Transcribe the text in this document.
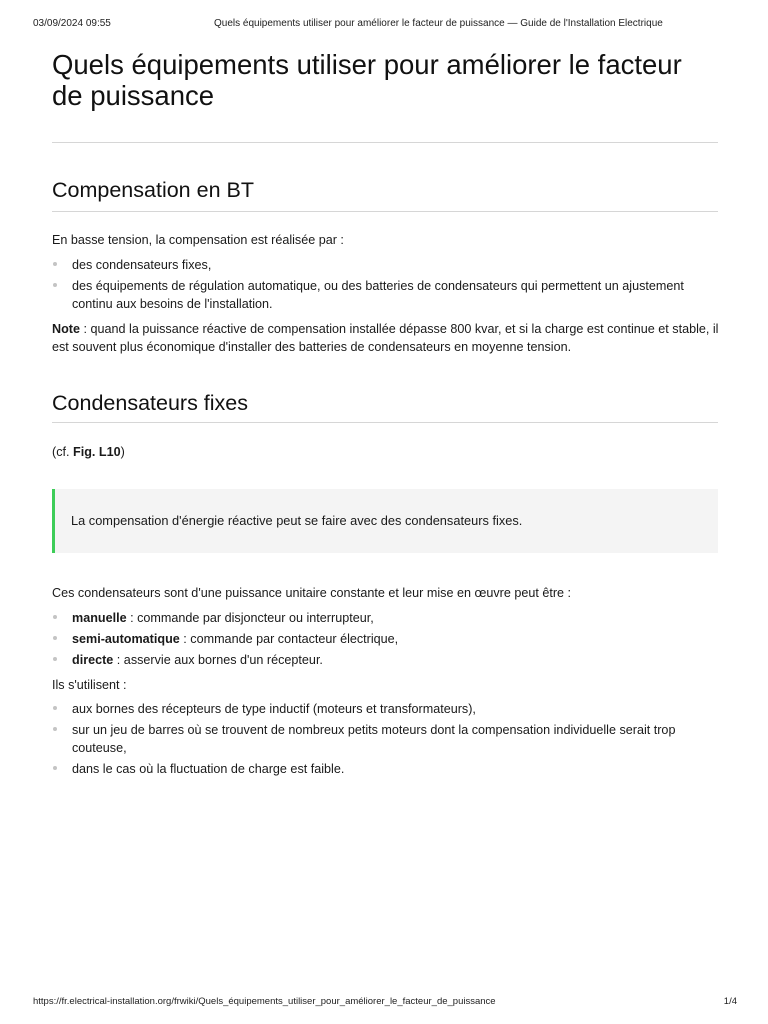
03/09/2024 09:55	Quels équipements utiliser pour améliorer le facteur de puissance — Guide de l'Installation Electrique
Quels équipements utiliser pour améliorer le facteur de puissance
Compensation en BT

En basse tension, la compensation est réalisée par :

des condensateurs fixes,
des équipements de régulation automatique, ou des batteries de condensateurs qui permettent un ajustement continu aux besoins de l'installation.

Note : quand la puissance réactive de compensation installée dépasse 800 kvar, et si la charge est continue et stable, il est souvent plus économique d'installer des batteries de condensateurs en moyenne tension.

Condensateurs fixes

(cf. Fig. L10)

La compensation d'énergie réactive peut se faire avec des condensateurs fixes.

Ces condensateurs sont d'une puissance unitaire constante et leur mise en œuvre peut être :

manuelle : commande par disjoncteur ou interrupteur,
semi-automatique : commande par contacteur électrique,
directe : asservie aux bornes d'un récepteur.

Ils s'utilisent :

aux bornes des récepteurs de type inductif (moteurs et transformateurs),
sur un jeu de barres où se trouvent de nombreux petits moteurs dont la compensation individuelle serait trop couteuse,
dans le cas où la fluctuation de charge est faible.
https://fr.electrical-installation.org/frwiki/Quels_équipements_utiliser_pour_améliorer_le_facteur_de_puissance	1/4
